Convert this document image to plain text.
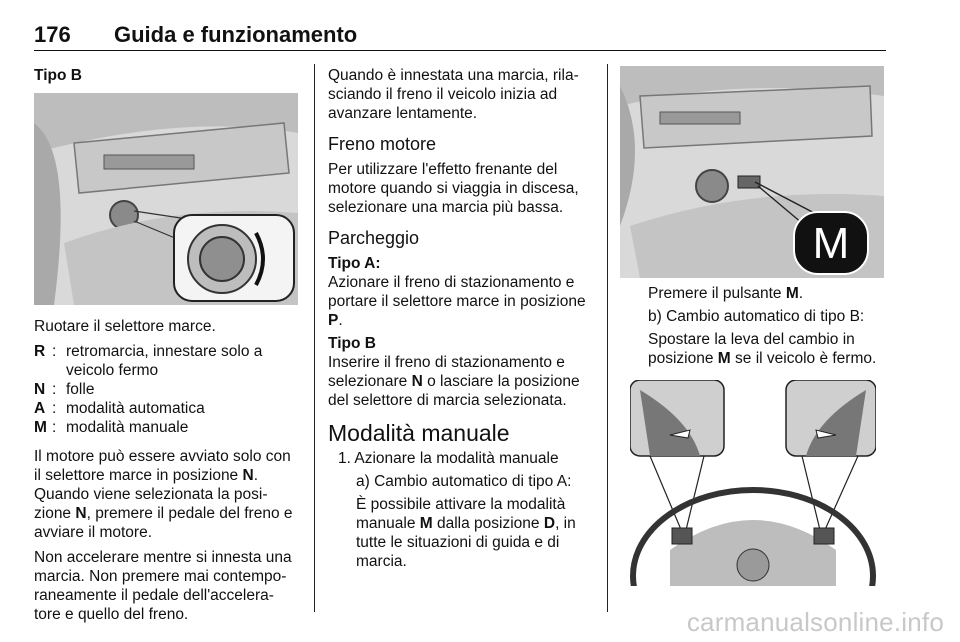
176 Guida e funzionamento

Tipo B

Ruotare il selettore marce.

R : retromarcia, innestare solo a veicolo fermo
N : folle
A : modalità automatica
M : modalità manuale

Il motore può essere avviato solo con il selettore marce in posizione N. Quando viene selezionata la posi-zione N, premere il pedale del freno e avviare il motore.

Non accelerare mentre si innesta una marcia. Non premere mai contempo-raneamente il pedale dell'accelera-tore e quello del freno.

Quando è innestata una marcia, rila-sciando il freno il veicolo inizia ad avanzare lentamente.

Freno motore

Per utilizzare l'effetto frenante del motore quando si viaggia in discesa, selezionare una marcia più bassa.

Parcheggio

Tipo A:

Azionare il freno di stazionamento e portare il selettore marce in posizione P.

Tipo B

Inserire il freno di stazionamento e selezionare N o lasciare la posizione del selettore di marcia selezionata.

Modalità manuale

1. Azionare la modalità manuale

a) Cambio automatico di tipo A:

È possibile attivare la modalità manuale M dalla posizione D, in tutte le situazioni di guida e di marcia.

M

Premere il pulsante M.

b) Cambio automatico di tipo B:

Spostare la leva del cambio in posizione M se il veicolo è fermo.

carmanualsonline.info
